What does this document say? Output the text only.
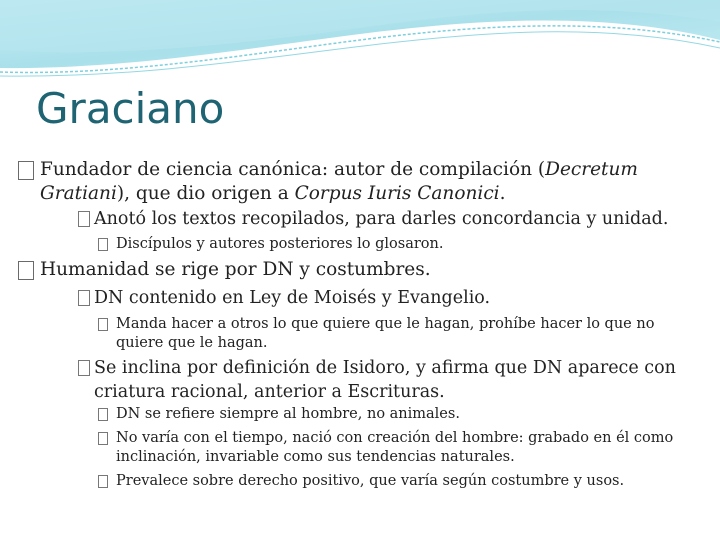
Graciano
Fundador de ciencia canónica: autor de compilación (Decretum Gratiani), que dio origen a Corpus Iuris Canonici.
Anotó los textos recopilados, para darles concordancia y unidad.
Discípulos y autores posteriores lo glosaron.
Humanidad se rige por DN y costumbres.
DN contenido en Ley de Moisés y Evangelio.
Manda hacer a otros lo que quiere que le hagan, prohíbe hacer lo que no quiere que le hagan.
Se inclina por definición de Isidoro, y afirma que DN aparece con criatura racional, anterior a Escrituras.
DN se refiere siempre al hombre, no animales.
No varía con el tiempo, nació con creación del hombre: grabado en él como inclinación, invariable como sus tendencias naturales.
Prevalece sobre derecho positivo, que varía según costumbre y usos.
